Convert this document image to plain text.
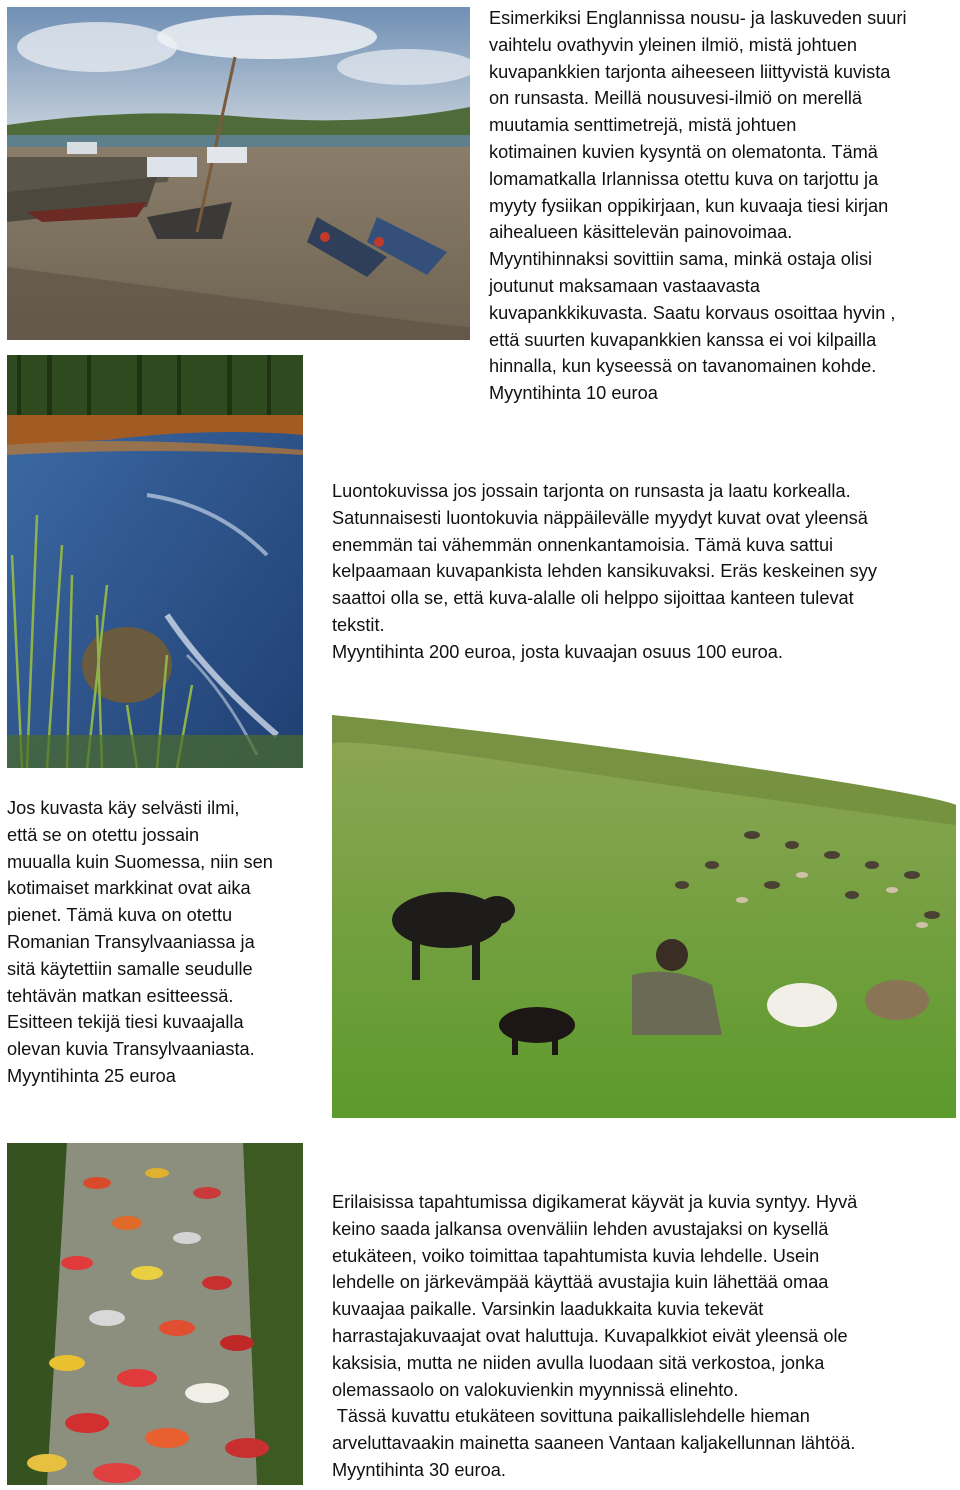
Esimerkiksi Englannissa nousu- ja laskuveden suuri

vaihtelu ovathyvin yleinen ilmiö, mistä johtuen

kuvapankkien tarjonta aiheeseen liittyvistä kuvista

on runsasta. Meillä nousuvesi-ilmiö on merellä

muutamia senttimetrejä, mistä johtuen

kotimainen kuvien kysyntä on olematonta. Tämä

lomamatkalla Irlannissa otettu kuva on tarjottu ja

myyty fysiikan oppikirjaan, kun kuvaaja tiesi kirjan

aihealueen käsittelevän painovoimaa.

Myyntihinnaksi sovittiin sama, minkä ostaja olisi

joutunut maksamaan vastaavasta

kuvapankkikuvasta. Saatu korvaus osoittaa hyvin ,

että suurten kuvapankkien kanssa ei voi kilpailla

hinnalla, kun kyseessä on tavanomainen kohde.

Myyntihinta 10 euroa

Luontokuvissa jos jossain tarjonta on runsasta ja laatu korkealla.

Satunnaisesti luontokuvia näppäilevälle myydyt kuvat ovat yleensä

enemmän tai vähemmän onnenkantamoisia. Tämä kuva sattui

kelpaamaan kuvapankista lehden kansikuvaksi. Eräs keskeinen syy

saattoi olla se, että kuva-alalle oli helppo sijoittaa kanteen tulevat

tekstit.

Myyntihinta 200 euroa, josta kuvaajan osuus 100 euroa.

Jos kuvasta käy selvästi ilmi,

että se on otettu jossain

muualla kuin Suomessa, niin sen

kotimaiset markkinat ovat aika

pienet. Tämä kuva on otettu

Romanian Transylvaaniassa ja

sitä käytettiin samalle seudulle

tehtävän matkan esitteessä.

Esitteen tekijä tiesi kuvaajalla

olevan kuvia Transylvaaniasta.

Myyntihinta 25 euroa

Erilaisissa tapahtumissa digikamerat käyvät ja kuvia syntyy. Hyvä

keino saada jalkansa ovenväliin lehden avustajaksi on kysellä

etukäteen, voiko toimittaa tapahtumista kuvia lehdelle. Usein

lehdelle on järkevämpää käyttää avustajia kuin lähettää omaa

kuvaajaa paikalle. Varsinkin laadukkaita kuvia tekevät

harrastajakuvaajat ovat haluttuja. Kuvapalkkiot eivät yleensä ole

kaksisia, mutta ne niiden avulla luodaan sitä verkostoa, jonka

olemassaolo on valokuvienkin myynnissä elinehto.

Tässä kuvattu etukäteen sovittuna paikallislehdelle hieman

arveluttavaakin mainetta saaneen Vantaan kaljakellunnan lähtöä.

Myyntihinta 30 euroa.
